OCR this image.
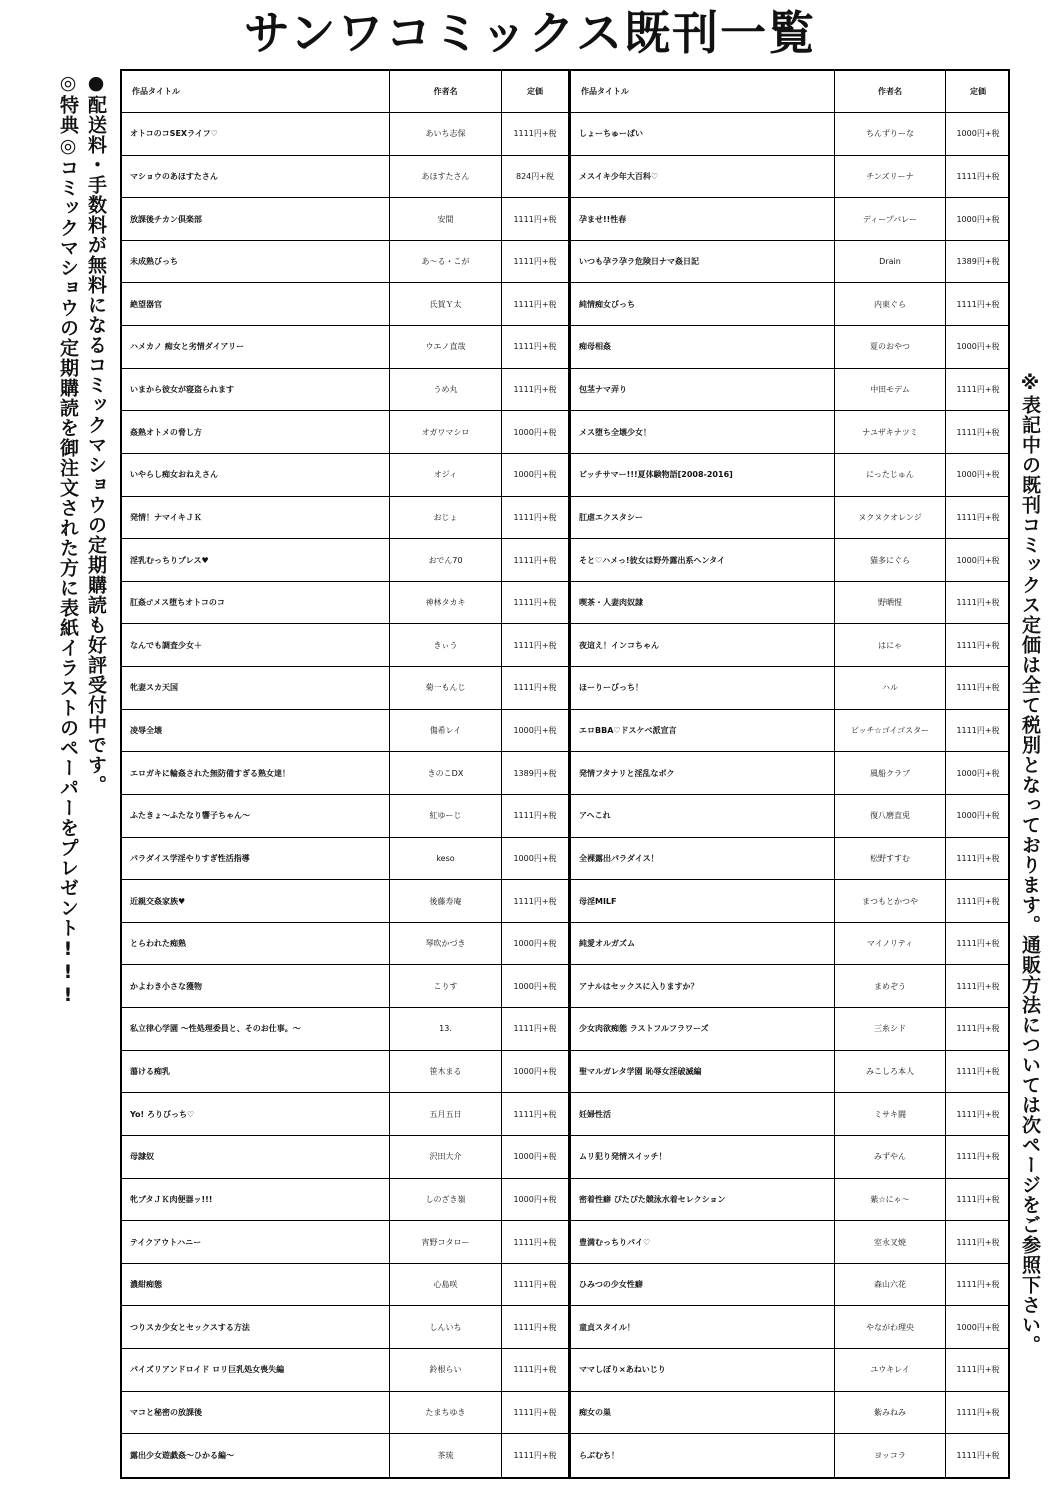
サンワコミックス既刊一覧
●配送料・手数料が無料になるコミックマショウの定期購読も好評受付中です。
◎特典◎コミックマショウの定期購読を御注文された方に表紙イラストのペーパーをプレゼント!!!	※表記中の既刊コミックス定価は全て税別となっております。通販方法については次ページをご参照下さい。
作品タイトル	作者名	定価
オトコのコSEXライフ♡	あいち志保	1111円+税
マショウのあほすたさん	あほすたさん	824円+税
放課後チカン倶楽部	安間	1111円+税
未成熟びっち	あ～る・こが	1111円+税
絶望器官	氏賀Ｙ太	1111円+税
ハメカノ 痴女と劣情ダイアリー	ウエノ直哉	1111円+税
いまから彼女が寝盗られます	うめ丸	1111円+税
姦熟オトメの脅し方	オガワマシロ	1000円+税
いやらし痴女おねえさん	オジィ	1000円+税
発情！ナマイキＪＫ	おじょ	1111円+税
淫乳むっちりプレス♥	おでん70	1111円+税
肛姦♂メス堕ちオトコのコ	神林タカキ	1111円+税
なんでも調査少女＋	きぃう	1111円+税
牝妻スカ天国	菊一もんじ	1111円+税
凌辱全壊	傷希レイ	1000円+税
エロガキに輪姦された無防備すぎる熟女達！	きのこDX	1389円+税
ふたきょ～ふたなり響子ちゃん～	紅ゆーじ	1111円+税
パラダイス学淫やりすぎ性活指導	keso	1000円+税
近親交姦家族♥	後藤寿庵	1111円+税
とらわれた痴熟	琴吹かづき	1000円+税
かよわき小さな獲物	こりす	1000円+税
私立律心学園 ～性処理委員と、そのお仕事。～	13.	1111円+税
蕩ける痴乳	笹木まる	1000円+税
Yo! ろりびっち♡	五月五日	1111円+税
母隷奴	沢田大介	1000円+税
牝ブタＪＫ肉便器ッ!!!	しのざき嶺	1000円+税
テイクアウトハニー	宵野コタロー	1111円+税
濃紺痴態	心島咲	1111円+税
つりスカ少女とセックスする方法	しんいち	1111円+税
パイズリアンドロイド ロリ巨乳処女喪失編	鈴根らい	1111円+税
マコと秘密の放課後	たまちゆき	1111円+税
露出少女遊戯姦～ひかる編～	茶琉	1111円+税
作品タイトル	作者名	定価
しょーちゅーぱい	ちんずりーな	1000円+税
メスイキ少年大百科♡	チンズリーナ	1111円+税
孕ませ!!性春	ディープバレー	1000円+税
いつも孕ラ孕ラ危険日ナマ姦日記	Drain	1389円+税
純情痴女びっち	内東ぐら	1111円+税
痴母相姦	夏のおやつ	1000円+税
包茎ナマ弄り	中田モデム	1111円+税
メス堕ち全壊少女！	ナユザキナツミ	1111円+税
ビッチサマー!!!夏体験物語[2008-2016]	にったじゅん	1000円+税
肛虐エクスタシー	ヌクヌクオレンジ	1111円+税
そと♡ハメっ!彼女は野外露出系ヘンタイ	猫多にぐら	1000円+税
喫茶・人妻肉奴隷	野晒惺	1111円+税
夜這え！インコちゃん	はにゃ	1111円+税
ほーりーびっち！	ハル	1111円+税
エロBBA♡ドスケベ派宣言	ビッチ☆ゴイゴスター	1111円+税
発情フタナリと淫乱なボク	風船クラブ	1000円+税
アヘこれ	復八磨直兎	1000円+税
全裸露出パラダイス！	松野すすむ	1111円+税
母淫MILF	まつもとかつや	1111円+税
純愛オルガズム	マイノリティ	1111円+税
アナルはセックスに入りますか？	まめぞう	1111円+税
少女肉欲痴態 ラストフルフラワーズ	三糸シド	1111円+税
聖マルガレタ学園 恥辱女淫破滅編	みこしろ本人	1111円+税
妊婦性活	ミサキ闘	1111円+税
ムリ犯り発情スイッチ！	みずやん	1111円+税
密着性癖 ぴたぴた競泳水着セレクション	紫☆にゃ～	1111円+税
豊満むっちりパイ♡	室永叉焼	1111円+税
ひみつの少女性癖	森山六花	1111円+税
童貞スタイル！	やながわ理央	1000円+税
ママしぼり×あねいじり	ユウキレイ	1111円+税
痴女の巣	紫みねみ	1111円+税
らぶむち！	ヨッコラ	1111円+税
